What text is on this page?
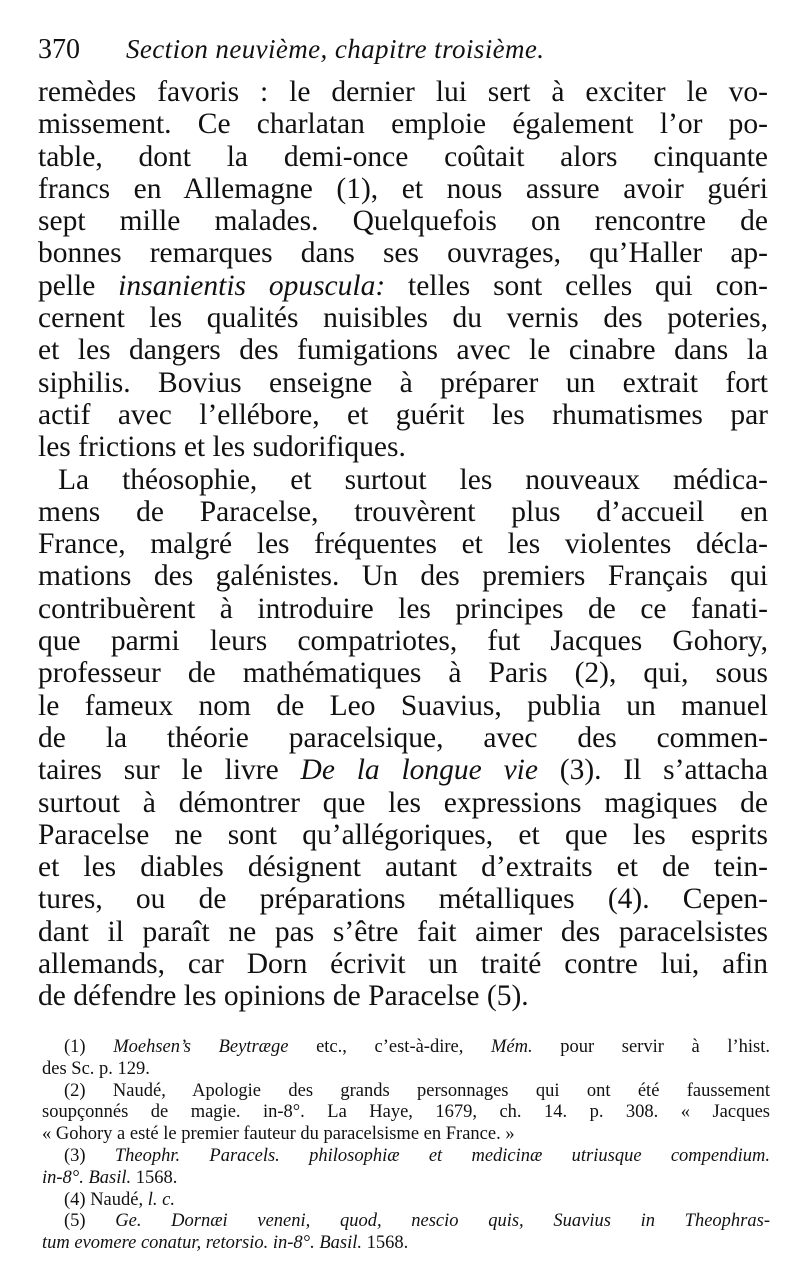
370	Section neuvième, chapitre troisième.
remèdes favoris : le dernier lui sert à exciter le vo-
missement. Ce charlatan emploie également l’or po-
table, dont la demi-once coûtait alors cinquante
francs en Allemagne (1), et nous assure avoir guéri
sept mille malades. Quelquefois on rencontre de
bonnes remarques dans ses ouvrages, qu’Haller ap-
pelle insanientis opuscula: telles sont celles qui con-
cernent les qualités nuisibles du vernis des poteries,
et les dangers des fumigations avec le cinabre dans la
siphilis. Bovius enseigne à préparer un extrait fort
actif avec l’ellébore, et guérit les rhumatismes par
les frictions et les sudorifiques.
La théosophie, et surtout les nouveaux médica-
mens de Paracelse, trouvèrent plus d’accueil en
France, malgré les fréquentes et les violentes décla-
mations des galénistes. Un des premiers Français qui
contribuèrent à introduire les principes de ce fanati-
que parmi leurs compatriotes, fut Jacques Gohory,
professeur de mathématiques à Paris (2), qui, sous
le fameux nom de Leo Suavius, publia un manuel
de la théorie paracelsique, avec des commen-
taires sur le livre De la longue vie (3). Il s’attacha
surtout à démontrer que les expressions magiques de
Paracelse ne sont qu’allégoriques, et que les esprits
et les diables désignent autant d’extraits et de tein-
tures, ou de préparations métalliques (4). Cepen-
dant il paraît ne pas s’être fait aimer des paracelsistes
allemands, car Dorn écrivit un traité contre lui, afin
de défendre les opinions de Paracelse (5).
(1) Moehsen’s Beytræge etc., c’est-à-dire, Mém. pour servir à l’hist.
des Sc. p. 129.
(2) Naudé, Apologie des grands personnages qui ont été faussement
soupçonnés de magie. in-8°. La Haye, 1679, ch. 14. p. 308. « Jacques
« Gohory a esté le premier fauteur du paracelsisme en France. »
(3) Theophr. Paracels. philosophiæ et medicinæ utriusque compendium.
in-8°. Basil. 1568.
(4) Naudé, l. c.
(5) Ge. Dornæi veneni, quod, nescio quis, Suavius in Theophras-
tum evomere conatur, retorsio. in-8°. Basil. 1568.
